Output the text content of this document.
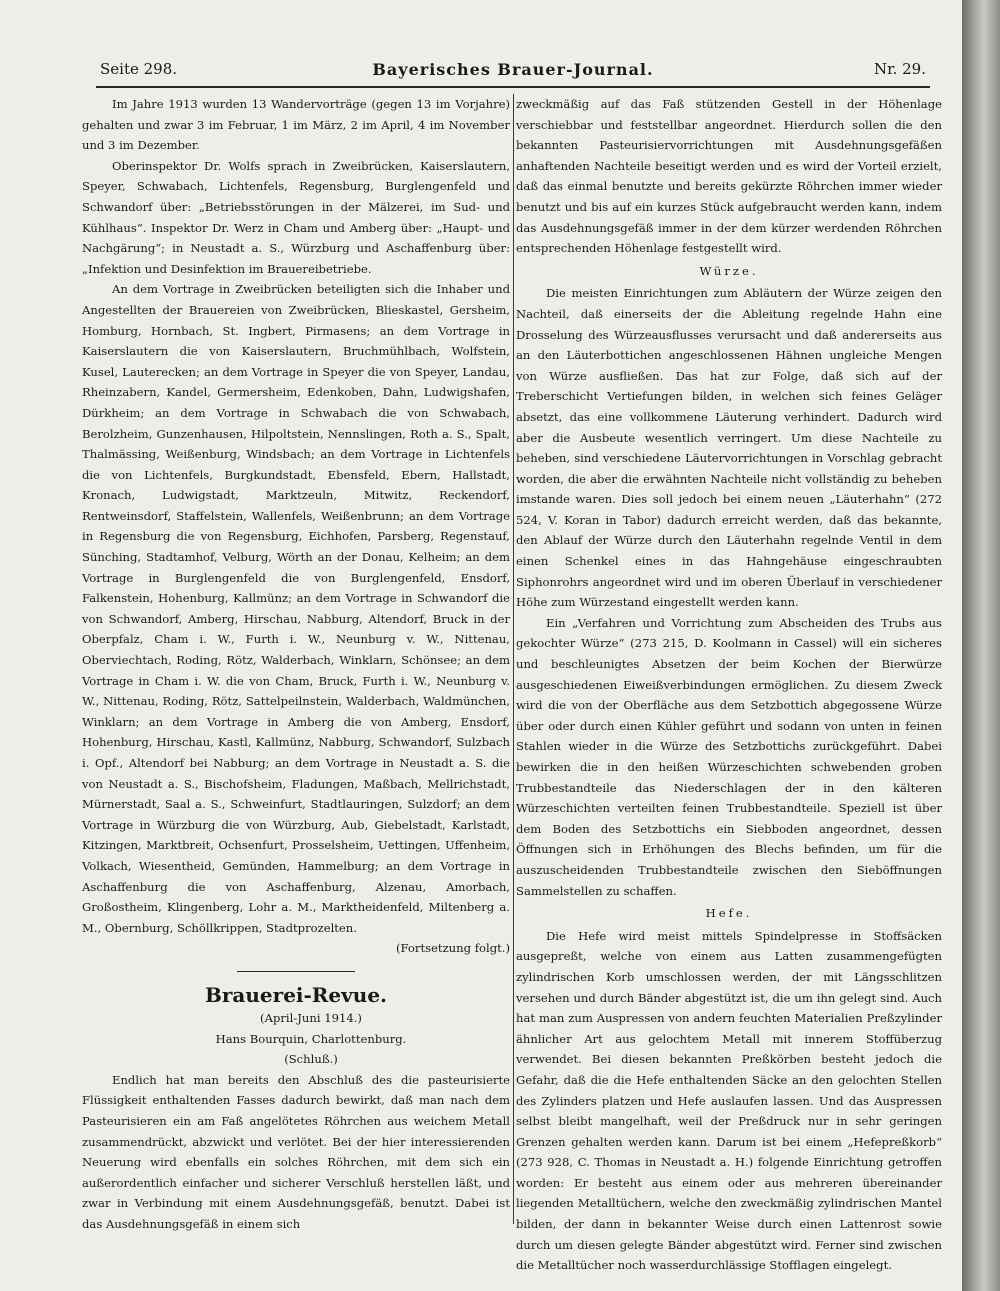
Seite 298.	Bayerisches Brauer-Journal.	Nr. 29.

Im Jahre 1913 wurden 13 Wandervorträge (gegen 13 im Vorjahre) gehalten und zwar 3 im Februar, 1 im März, 2 im April, 4 im November und 3 im Dezember.

Oberinspektor Dr. Wolfs sprach in Zweibrücken, Kaiserslautern, Speyer, Schwabach, Lichtenfels, Regensburg, Burglengenfeld und Schwandorf über: „Betriebsstörungen in der Mälzerei, im Sud- und Kühlhaus“. Inspektor Dr. Werz in Cham und Amberg über: „Haupt- und Nachgärung“; in Neustadt a. S., Würzburg und Aschaffenburg über: „Infektion und Desinfektion im Brauereibetriebe.

An dem Vortrage in Zweibrücken beteiligten sich die Inhaber und Angestellten der Brauereien von Zweibrücken, Blieskastel, Gersheim, Homburg, Hornbach, St. Ingbert, Pirmasens; an dem Vortrage in Kaiserslautern die von Kaiserslautern, Bruchmühlbach, Wolfstein, Kusel, Lauterecken; an dem Vortrage in Speyer die von Speyer, Landau, Rheinzabern, Kandel, Germersheim, Edenkoben, Dahn, Ludwigshafen, Dürkheim; an dem Vortrage in Schwabach die von Schwabach, Berolzheim, Gunzenhausen, Hilpoltstein, Nennslingen, Roth a. S., Spalt, Thalmässing, Weißenburg, Windsbach; an dem Vortrage in Lichtenfels die von Lichtenfels, Burgkundstadt, Ebensfeld, Ebern, Hallstadt, Kronach, Ludwigstadt, Marktzeuln, Mitwitz, Reckendorf, Rentweinsdorf, Staffelstein, Wallenfels, Weißenbrunn; an dem Vortrage in Regensburg die von Regensburg, Eichhofen, Parsberg, Regenstauf, Sünching, Stadtamhof, Velburg, Wörth an der Donau, Kelheim; an dem Vortrage in Burglengenfeld die von Burglengenfeld, Ensdorf, Falkenstein, Hohenburg, Kallmünz; an dem Vortrage in Schwandorf die von Schwandorf, Amberg, Hirschau, Nabburg, Altendorf, Bruck in der Oberpfalz, Cham i. W., Furth i. W., Neunburg v. W., Nittenau, Oberviechtach, Roding, Rötz, Walderbach, Winklarn, Schönsee; an dem Vortrage in Cham i. W. die von Cham, Bruck, Furth i. W., Neunburg v. W., Nittenau, Roding, Rötz, Sattelpeilnstein, Walderbach, Waldmünchen, Winklarn; an dem Vortrage in Amberg die von Amberg, Ensdorf, Hohenburg, Hirschau, Kastl, Kallmünz, Nabburg, Schwandorf, Sulzbach i. Opf., Altendorf bei Nabburg; an dem Vortrage in Neustadt a. S. die von Neustadt a. S., Bischofsheim, Fladungen, Maßbach, Mellrichstadt, Mürnerstadt, Saal a. S., Schweinfurt, Stadtlauringen, Sulzdorf; an dem Vortrage in Würzburg die von Würzburg, Aub, Giebelstadt, Karlstadt, Kitzingen, Marktbreit, Ochsenfurt, Prosselsheim, Uettingen, Uffenheim, Volkach, Wiesentheid, Gemünden, Hammelburg; an dem Vortrage in Aschaffenburg die von Aschaffenburg, Alzenau, Amorbach, Großostheim, Klingenberg, Lohr a. M., Marktheidenfeld, Miltenberg a. M., Obernburg, Schöllkrippen, Stadtprozelten.

(Fortsetzung folgt.)

Brauerei-Revue.

(April-Juni 1914.)

Hans Bourquin, Charlottenburg.

(Schluß.)

Endlich hat man bereits den Abschluß des die pasteurisierte Flüssigkeit enthaltenden Fasses dadurch bewirkt, daß man nach dem Pasteurisieren ein am Faß angelötetes Röhrchen aus weichem Metall zusammendrückt, abzwickt und verlötet. Bei der hier interessierenden Neuerung wird ebenfalls ein solches Röhrchen, mit dem sich ein außerordentlich einfacher und sicherer Verschluß herstellen läßt, und zwar in Verbindung mit einem Ausdehnungsgefäß, benutzt. Dabei ist das Ausdehnungsgefäß in einem sich

zweckmäßig auf das Faß stützenden Gestell in der Höhenlage verschiebbar und feststellbar angeordnet. Hierdurch sollen die den bekannten Pasteurisiervorrichtungen mit Ausdehnungsgefäßen anhaftenden Nachteile beseitigt werden und es wird der Vorteil erzielt, daß das einmal benutzte und bereits gekürzte Röhrchen immer wieder benutzt und bis auf ein kurzes Stück aufgebraucht werden kann, indem das Ausdehnungsgefäß immer in der dem kürzer werdenden Röhrchen entsprechenden Höhenlage festgestellt wird.

Würze.

Die meisten Einrichtungen zum Abläutern der Würze zeigen den Nachteil, daß einerseits der die Ableitung regelnde Hahn eine Drosselung des Würzeausflusses verursacht und daß andererseits aus an den Läuterbottichen angeschlossenen Hähnen ungleiche Mengen von Würze ausfließen. Das hat zur Folge, daß sich auf der Treberschicht Vertiefungen bilden, in welchen sich feines Geläger absetzt, das eine vollkommene Läuterung verhindert. Dadurch wird aber die Ausbeute wesentlich verringert. Um diese Nachteile zu beheben, sind verschiedene Läutervorrichtungen in Vorschlag gebracht worden, die aber die erwähnten Nachteile nicht vollständig zu beheben imstande waren. Dies soll jedoch bei einem neuen „Läuterhahn“ (272 524, V. Koran in Tabor) dadurch erreicht werden, daß das bekannte, den Ablauf der Würze durch den Läuterhahn regelnde Ventil in dem einen Schenkel eines in das Hahngehäuse eingeschraubten Siphonrohrs angeordnet wird und im oberen Überlauf in verschiedener Höhe zum Würzestand eingestellt werden kann.

Ein „Verfahren und Vorrichtung zum Abscheiden des Trubs aus gekochter Würze“ (273 215, D. Koolmann in Cassel) will ein sicheres und beschleunigtes Absetzen der beim Kochen der Bierwürze ausgeschiedenen Eiweißverbindungen ermöglichen. Zu diesem Zweck wird die von der Oberfläche aus dem Setzbottich abgegossene Würze über oder durch einen Kühler geführt und sodann von unten in feinen Stahlen wieder in die Würze des Setzbottichs zurückgeführt. Dabei bewirken die in den heißen Würzeschichten schwebenden groben Trubbestandteile das Niederschlagen der in den kälteren Würzeschichten verteilten feinen Trubbestandteile. Speziell ist über dem Boden des Setzbottichs ein Siebboden angeordnet, dessen Öffnungen sich in Erhöhungen des Blechs befinden, um für die auszuscheidenden Trubbestandteile zwischen den Sieböffnungen Sammelstellen zu schaffen.

Hefe.

Die Hefe wird meist mittels Spindelpresse in Stoffsäcken ausgepreßt, welche von einem aus Latten zusammengefügten zylindrischen Korb umschlossen werden, der mit Längsschlitzen versehen und durch Bänder abgestützt ist, die um ihn gelegt sind. Auch hat man zum Auspressen von andern feuchten Materialien Preßzylinder ähnlicher Art aus gelochtem Metall mit innerem Stoffüberzug verwendet. Bei diesen bekannten Preßkörben besteht jedoch die Gefahr, daß die die Hefe enthaltenden Säcke an den gelochten Stellen des Zylinders platzen und Hefe auslaufen lassen. Und das Auspressen selbst bleibt mangelhaft, weil der Preßdruck nur in sehr geringen Grenzen gehalten werden kann. Darum ist bei einem „Hefepreßkorb“ (273 928, C. Thomas in Neustadt a. H.) folgende Einrichtung getroffen worden: Er besteht aus einem oder aus mehreren übereinander liegenden Metalltüchern, welche den zweckmäßig zylindrischen Mantel bilden, der dann in bekannter Weise durch einen Lattenrost sowie durch um diesen gelegte Bänder abgestützt wird. Ferner sind zwischen die Metalltücher noch wasserdurchlässige Stofflagen eingelegt.
